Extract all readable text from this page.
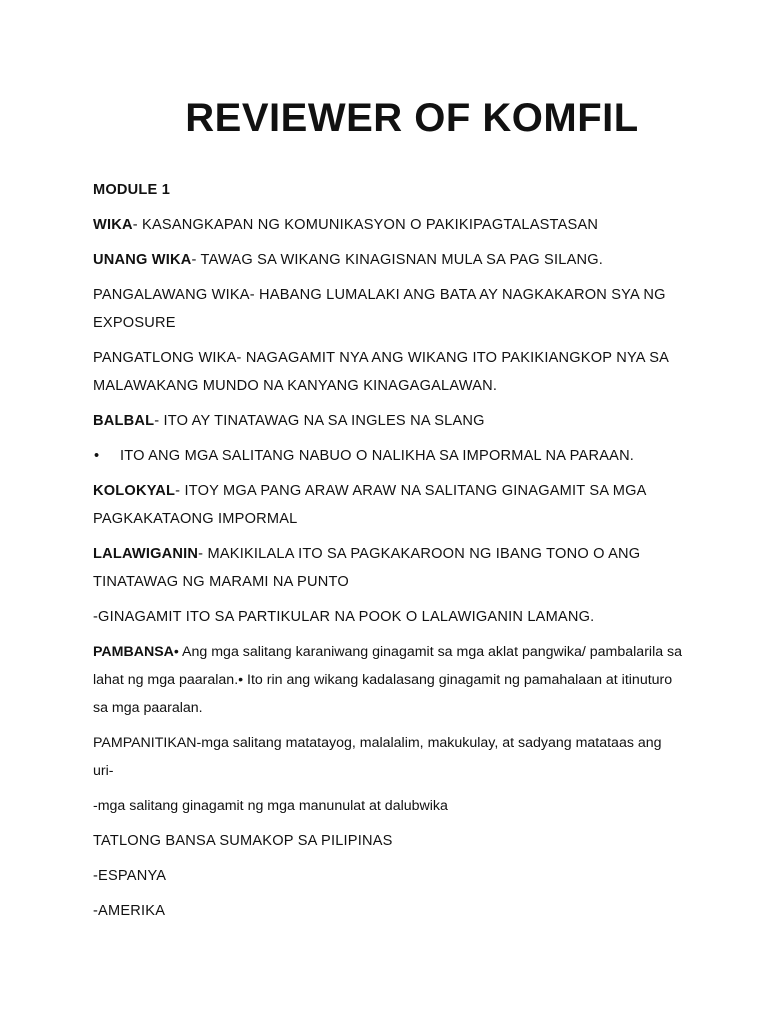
REVIEWER OF KOMFIL

MODULE 1

WIKA- KASANGKAPAN NG KOMUNIKASYON O PAKIKIPAGTALASTASAN

UNANG WIKA- TAWAG SA WIKANG KINAGISNAN MULA SA PAG SILANG.

PANGALAWANG WIKA- HABANG LUMALAKI ANG BATA AY NAGKAKARON SYA NG EXPOSURE

PANGATLONG WIKA- NAGAGAMIT NYA ANG WIKANG ITO PAKIKIANGKOP NYA SA MALAWAKANG MUNDO NA KANYANG KINAGAGALAWAN.

BALBAL- ITO AY TINATAWAG NA SA INGLES NA SLANG

•	ITO ANG MGA SALITANG NABUO O NALIKHA SA IMPORMAL NA PARAAN.

KOLOKYAL- ITOY MGA PANG ARAW ARAW NA SALITANG GINAGAMIT SA MGA PAGKAKATAONG IMPORMAL

LALAWIGANIN- MAKIKILALA ITO SA PAGKAKAROON NG IBANG TONO O ANG TINATAWAG NG MARAMI NA PUNTO

-GINAGAMIT ITO SA PARTIKULAR NA POOK O LALAWIGANIN LAMANG.

PAMBANSA• Ang mga salitang karaniwang ginagamit sa mga aklat pangwika/ pambalarila sa lahat ng mga paaralan.• Ito rin ang wikang kadalasang ginagamit ng pamahalaan at itinuturo sa mga paaralan.

PAMPANITIKAN-mga salitang matatayog, malalalim, makukulay, at sadyang matataas ang uri-

-mga salitang ginagamit ng mga manunulat at dalubwika

TATLONG BANSA SUMAKOP SA PILIPINAS

-ESPANYA

-AMERIKA
